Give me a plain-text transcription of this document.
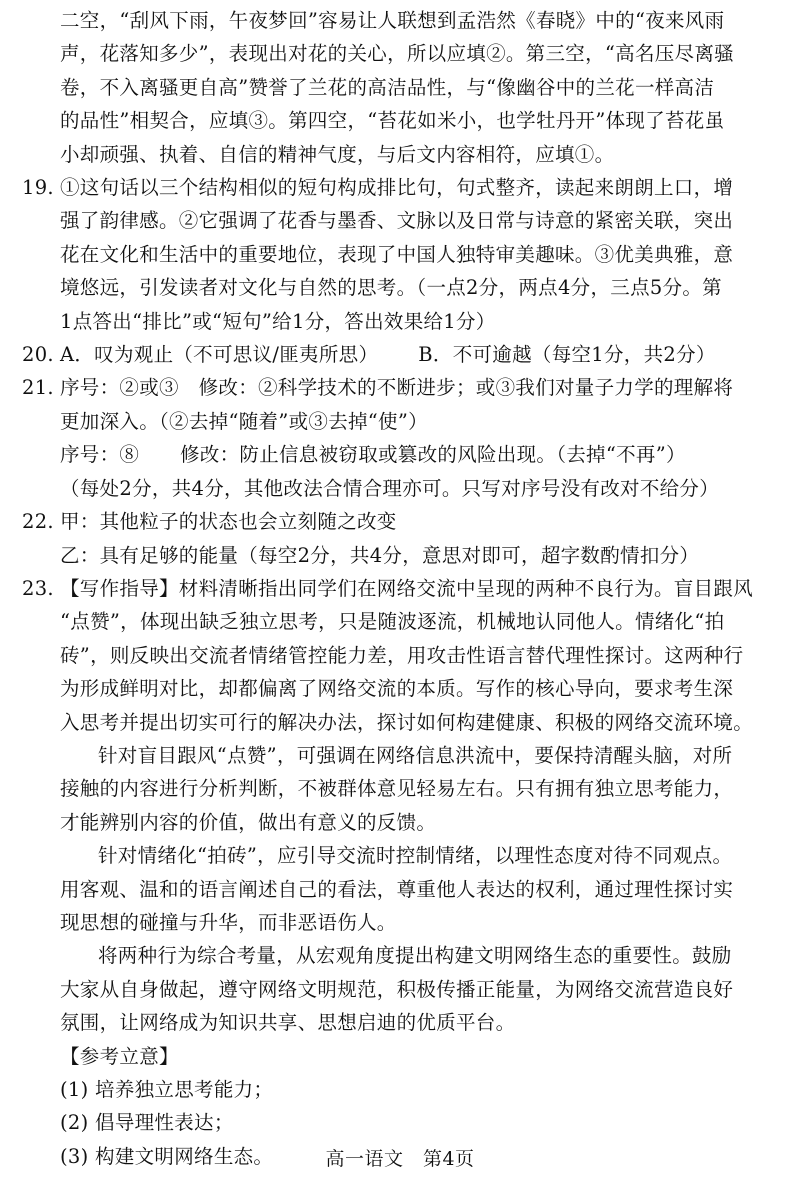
二空，“刮风下雨，午夜梦回”容易让人联想到孟浩然《春晓》中的“夜来风雨

声，花落知多少”，表现出对花的关心，所以应填②。第三空，“高名压尽离骚

卷，不入离骚更自高”赞誉了兰花的高洁品性，与“像幽谷中的兰花一样高洁

的品性”相契合，应填③。第四空，“苔花如米小，也学牡丹开”体现了苔花虽

小却顽强、执着、自信的精神气度，与后文内容相符，应填①。

19. ①这句话以三个结构相似的短句构成排比句，句式整齐，读起来朗朗上口，增

强了韵律感。②它强调了花香与墨香、文脉以及日常与诗意的紧密关联，突出

花在文化和生活中的重要地位，表现了中国人独特审美趣味。③优美典雅，意

境悠远，引发读者对文化与自然的思考。（一点2分，两点4分，三点5分。第

1点答出“排比”或“短句”给1分，答出效果给1分）

20. A．叹为观止（不可思议/匪夷所思） B．不可逾越（每空1分，共2分）

21. 序号：②或③　修改：②科学技术的不断进步；或③我们对量子力学的理解将

更加深入。（②去掉“随着”或③去掉“使”）

序号：⑧ 修改：防止信息被窃取或篡改的风险出现。（去掉“不再”）

（每处2分，共4分，其他改法合情合理亦可。只写对序号没有改对不给分）

22. 甲：其他粒子的状态也会立刻随之改变

乙：具有足够的能量（每空2分，共4分，意思对即可，超字数酌情扣分）

23. 【写作指导】材料清晰指出同学们在网络交流中呈现的两种不良行为。盲目跟风

“点赞”，体现出缺乏独立思考，只是随波逐流，机械地认同他人。情绪化“拍

砖”，则反映出交流者情绪管控能力差，用攻击性语言替代理性探讨。这两种行

为形成鲜明对比，却都偏离了网络交流的本质。写作的核心导向，要求考生深

入思考并提出切实可行的解决办法，探讨如何构建健康、积极的网络交流环境。

针对盲目跟风“点赞”，可强调在网络信息洪流中，要保持清醒头脑，对所

接触的内容进行分析判断，不被群体意见轻易左右。只有拥有独立思考能力，

才能辨别内容的价值，做出有意义的反馈。

针对情绪化“拍砖”，应引导交流时控制情绪，以理性态度对待不同观点。

用客观、温和的语言阐述自己的看法，尊重他人表达的权利，通过理性探讨实

现思想的碰撞与升华，而非恶语伤人。

将两种行为综合考量，从宏观角度提出构建文明网络生态的重要性。鼓励

大家从自身做起，遵守网络文明规范，积极传播正能量，为网络交流营造良好

氛围，让网络成为知识共享、思想启迪的优质平台。

【参考立意】

(1) 培养独立思考能力；

(2) 倡导理性表达；

(3) 构建文明网络生态。	高一语文　第4页
